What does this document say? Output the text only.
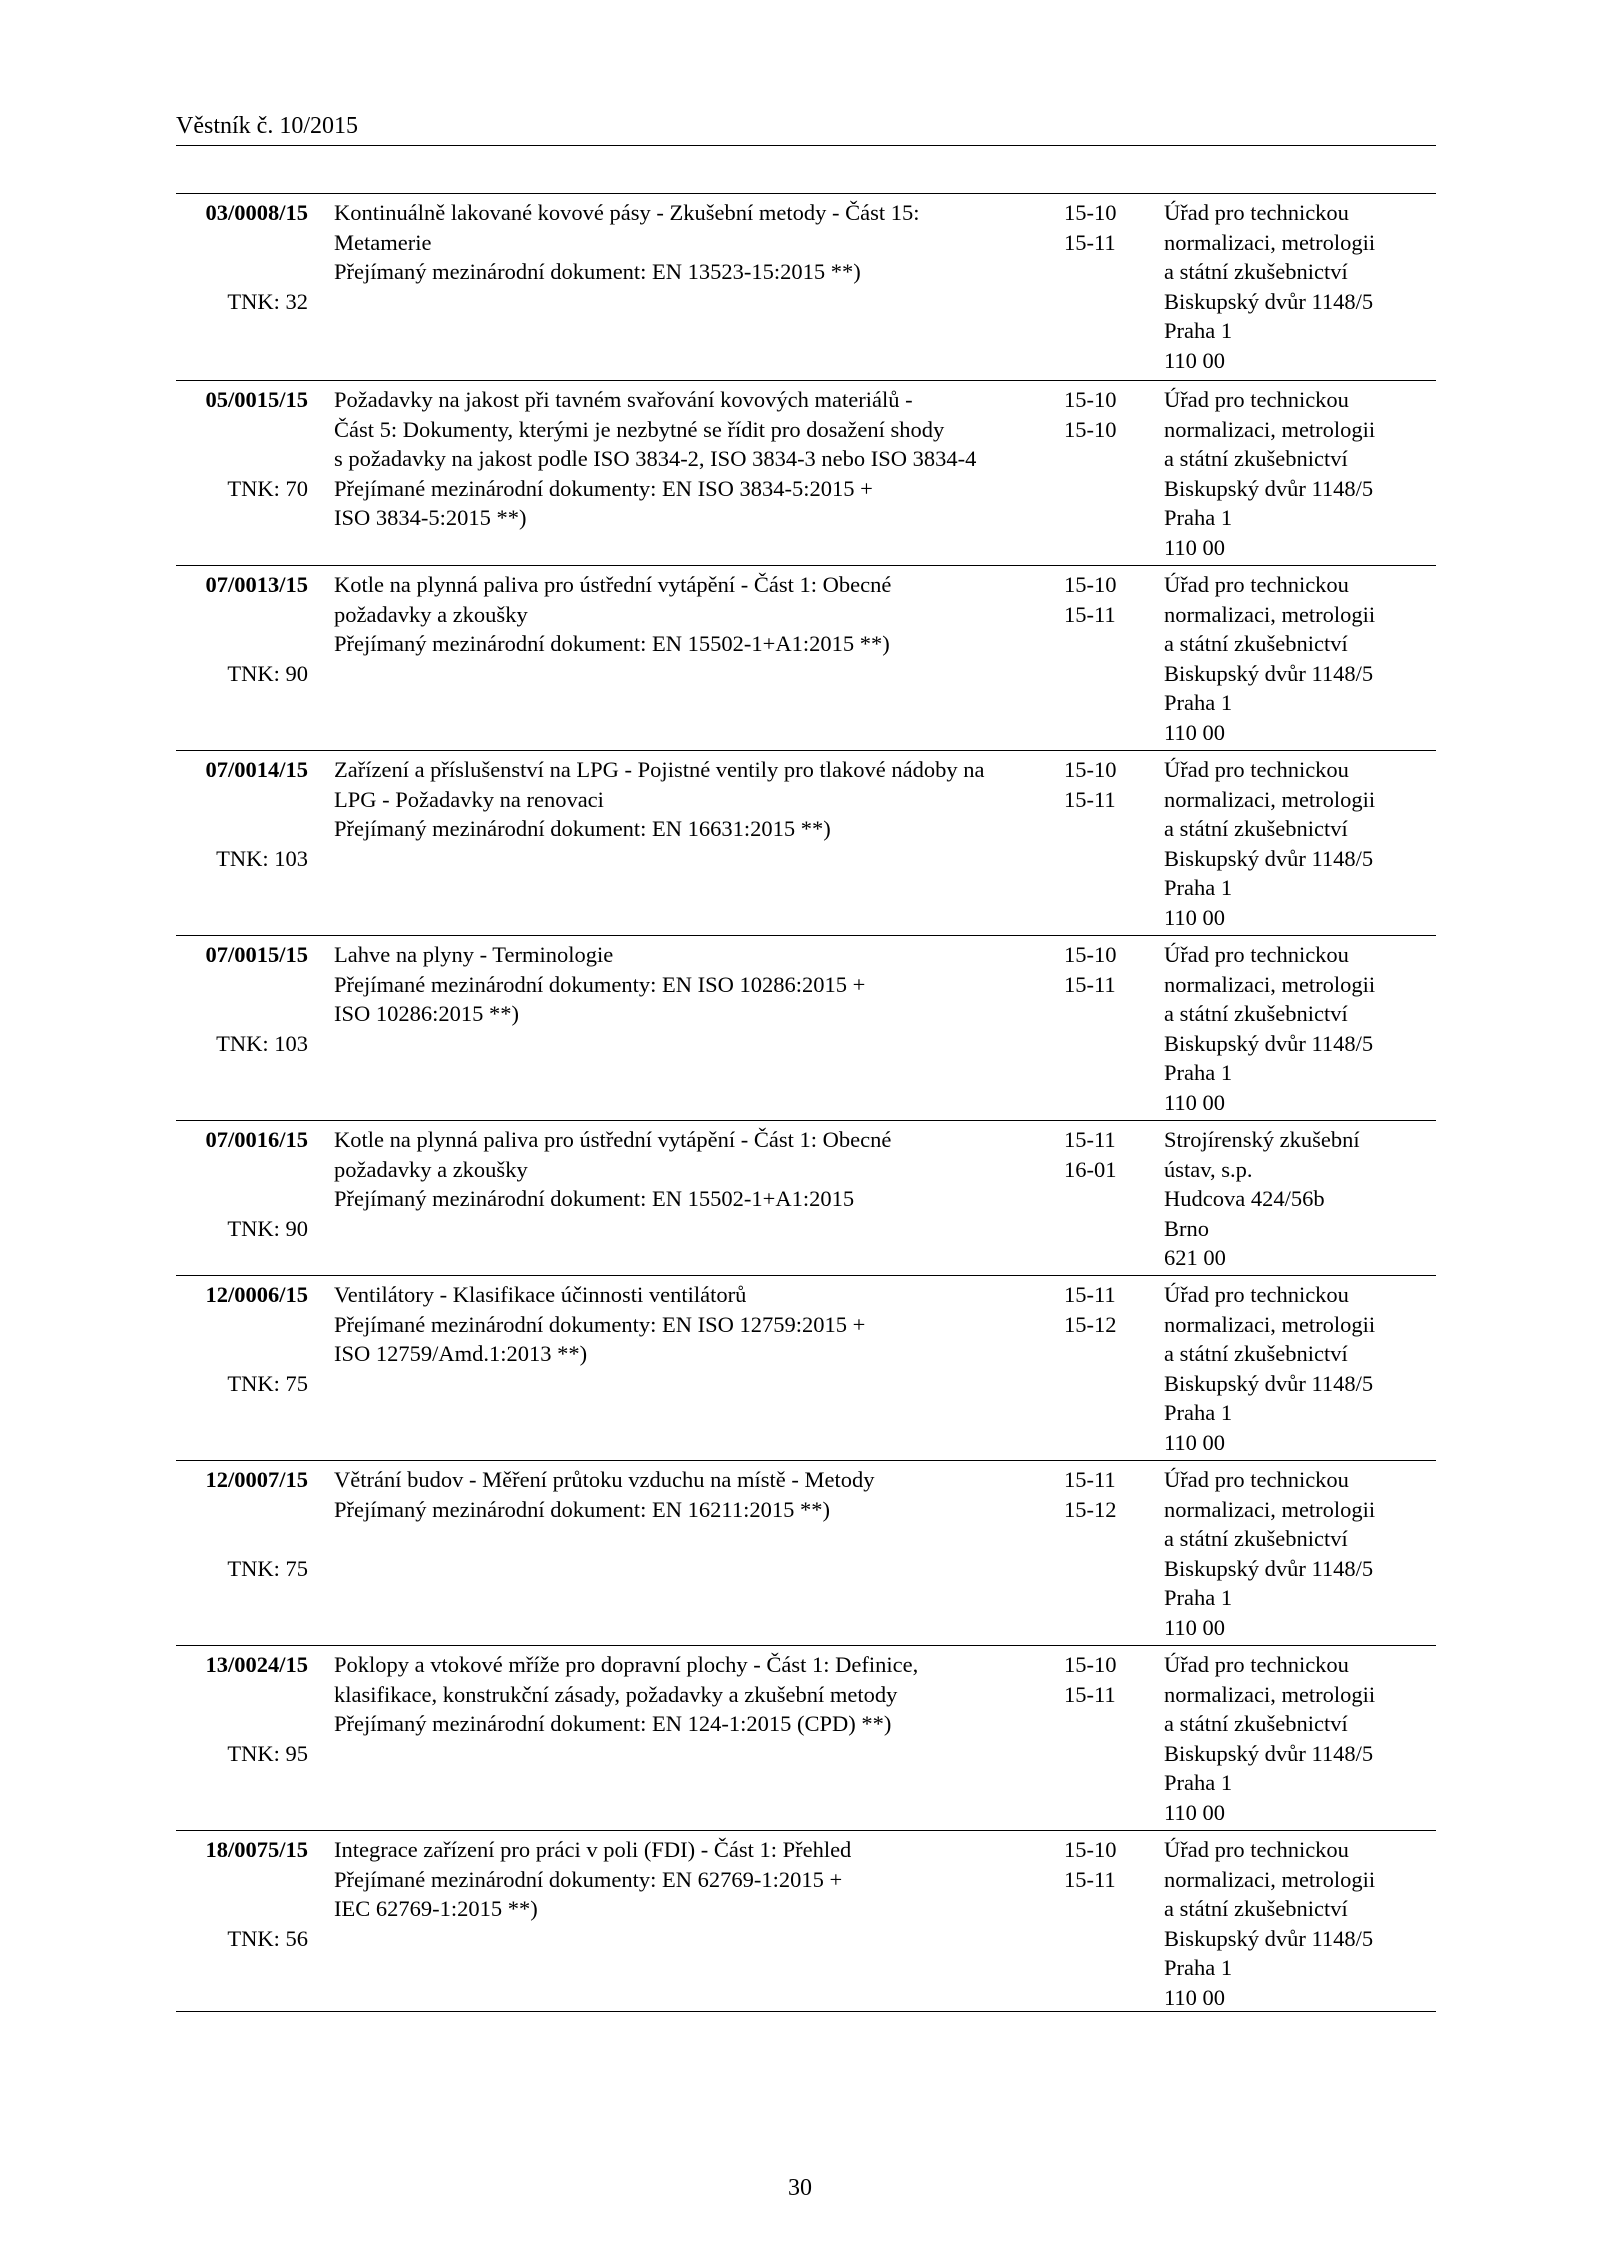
Věstník č. 10/2015
03/0008/15
TNK: 32
Kontinuálně lakované kovové pásy - Zkušební metody - Část 15:
Metamerie
Přejímaný mezinárodní dokument: EN 13523-15:2015 **)
15-10
15-11
Úřad pro technickou
normalizaci, metrologii
a státní zkušebnictví
Biskupský dvůr 1148/5
Praha 1
110 00
05/0015/15
TNK: 70
Požadavky na jakost při tavném svařování kovových materiálů -
Část 5: Dokumenty, kterými je nezbytné se řídit pro dosažení shody
s požadavky na jakost podle ISO 3834-2, ISO 3834-3 nebo ISO 3834-4
Přejímané mezinárodní dokumenty: EN ISO 3834-5:2015 +
ISO 3834-5:2015 **)
15-10
15-10
Úřad pro technickou
normalizaci, metrologii
a státní zkušebnictví
Biskupský dvůr 1148/5
Praha 1
110 00
07/0013/15
TNK: 90
Kotle na plynná paliva pro ústřední vytápění - Část 1: Obecné
požadavky a zkoušky
Přejímaný mezinárodní dokument: EN 15502-1+A1:2015 **)
15-10
15-11
Úřad pro technickou
normalizaci, metrologii
a státní zkušebnictví
Biskupský dvůr 1148/5
Praha 1
110 00
07/0014/15
TNK: 103
Zařízení a příslušenství na LPG - Pojistné ventily pro tlakové nádoby na
LPG - Požadavky na renovaci
Přejímaný mezinárodní dokument: EN 16631:2015 **)
15-10
15-11
Úřad pro technickou
normalizaci, metrologii
a státní zkušebnictví
Biskupský dvůr 1148/5
Praha 1
110 00
07/0015/15
TNK: 103
Lahve na plyny - Terminologie
Přejímané mezinárodní dokumenty: EN ISO 10286:2015 +
ISO 10286:2015 **)
15-10
15-11
Úřad pro technickou
normalizaci, metrologii
a státní zkušebnictví
Biskupský dvůr 1148/5
Praha 1
110 00
07/0016/15
TNK: 90
Kotle na plynná paliva pro ústřední vytápění - Část 1: Obecné
požadavky a zkoušky
Přejímaný mezinárodní dokument: EN 15502-1+A1:2015
15-11
16-01
Strojírenský zkušební
ústav, s.p.
Hudcova 424/56b
Brno
621 00
12/0006/15
TNK: 75
Ventilátory - Klasifikace účinnosti ventilátorů
Přejímané mezinárodní dokumenty: EN ISO 12759:2015 +
ISO 12759/Amd.1:2013 **)
15-11
15-12
Úřad pro technickou
normalizaci, metrologii
a státní zkušebnictví
Biskupský dvůr 1148/5
Praha 1
110 00
12/0007/15
TNK: 75
Větrání budov - Měření průtoku vzduchu na místě - Metody
Přejímaný mezinárodní dokument: EN 16211:2015 **)
15-11
15-12
Úřad pro technickou
normalizaci, metrologii
a státní zkušebnictví
Biskupský dvůr 1148/5
Praha 1
110 00
13/0024/15
TNK: 95
Poklopy a vtokové mříže pro dopravní plochy - Část 1: Definice,
klasifikace, konstrukční zásady, požadavky a zkušební metody
Přejímaný mezinárodní dokument: EN 124-1:2015 (CPD) **)
15-10
15-11
Úřad pro technickou
normalizaci, metrologii
a státní zkušebnictví
Biskupský dvůr 1148/5
Praha 1
110 00
18/0075/15
TNK: 56
Integrace zařízení pro práci v poli (FDI) - Část 1: Přehled
Přejímané mezinárodní dokumenty: EN 62769-1:2015 +
IEC 62769-1:2015 **)
15-10
15-11
Úřad pro technickou
normalizaci, metrologii
a státní zkušebnictví
Biskupský dvůr 1148/5
Praha 1
110 00
30
